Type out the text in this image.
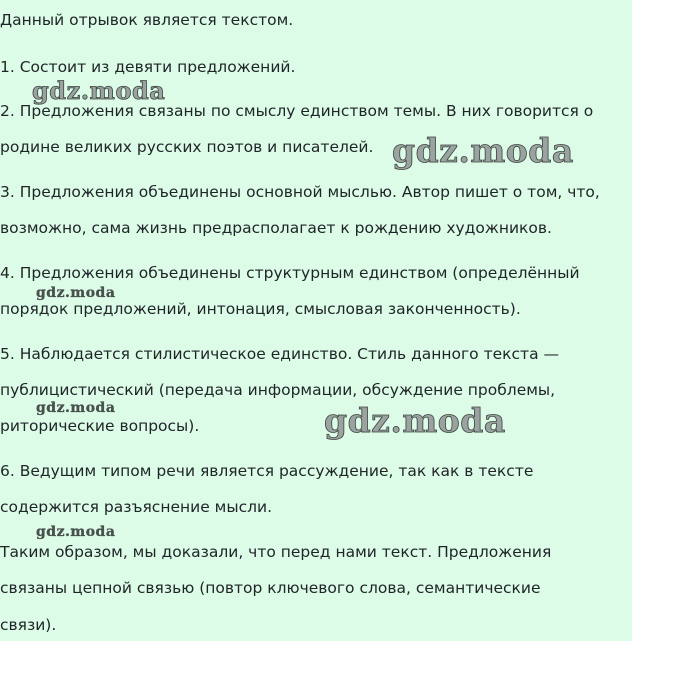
Данный отрывок является текстом.

1. Состоит из девяти предложений.

2. Предложения связаны по смыслу единством темы. В них говорится о

родине великих русских поэтов и писателей.

3. Предложения объединены основной мыслью. Автор пишет о том, что,

возможно, сама жизнь предрасполагает к рождению художников.

4. Предложения объединены структурным единством (определённый

порядок предложений, интонация, смысловая законченность).

5. Наблюдается стилистическое единство. Стиль данного текста —

публицистический (передача информации, обсуждение проблемы,

риторические вопросы).

6. Ведущим типом речи является рассуждение, так как в тексте

содержится разъяснение мысли.

Таким образом, мы доказали, что перед нами текст. Предложения

связаны цепной связью (повтор ключевого слова, семантические

связи).

gdz.moda
gdz.moda
gdz.moda
gdz.moda	gdz.moda
gdz.moda
